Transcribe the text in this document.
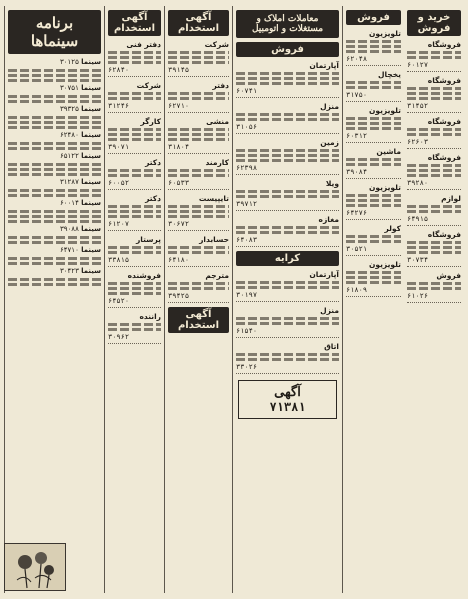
خرید و فروش
فروشگاه
۶۰۱۲۷
فروشگاه
۳۱۴۵۲
فروشگاه
۶۲۶۰۳
فروشگاه
۳۹۲۸۰
لوازم
۶۴۹۱۵
فروشگاه
۳۰۷۳۴
فروش
۶۱۰۲۶
فروش
تلویزیون
۶۲۰۴۸
یخچال
۳۱۷۵۰
تلویزیون
۶۰۳۱۲
ماشین
۳۹۰۸۴
تلویزیون
۶۴۲۷۶
کولر
۳۰۵۲۱
تلویزیون
۶۱۸۰۹
معاملات املاک و مستغلات و اتومبیل
فروش
آپارتمان
۶۰۷۴۱
منزل
۳۱۰۵۶
زمین
۶۲۳۹۸
ویلا
۳۹۷۱۲
مغازه
۶۴۰۸۳
کرایه
آپارتمان
۳۰۱۹۷
منزل
۶۱۵۴۰
اتاق
۳۳۰۲۶
آگهی
۷۱۳۸۱
آگهی استخدام
شرکت
۳۹۱۴۵
دفتر
۶۲۷۱۰
منشی
۳۱۸۰۴
کارمند
۶۰۵۳۳
تایپیست
۳۰۶۷۲
حسابدار
۶۴۱۸۰
مترجم
۳۹۴۲۵
آگهی استخدام
آگهی استخدام
دفتر فنی
۶۲۸۴۰
شرکت
۳۱۲۴۶
کارگر
۳۹۰۷۱
دکتر
۶۰۰۵۲
دکتر
۶۱۲۰۷
پرستار
۳۳۸۱۵
فروشنده
۶۴۵۲۰
راننده
۳۰۹۶۲
برنامه سینماها
سینما ۳۰۱۲۵
سینما ۳۰۷۵۱
سینما ۳۹۳۲۵
سینما ۶۲۴۸۰
سینما ۶۵۱۲۲
سینما ۳۱۲۸۷
سینما ۶۰۰۱۴
سینما ۳۹۰۸۸
سینما ۶۴۷۱۰
سینما ۳۰۴۲۳
